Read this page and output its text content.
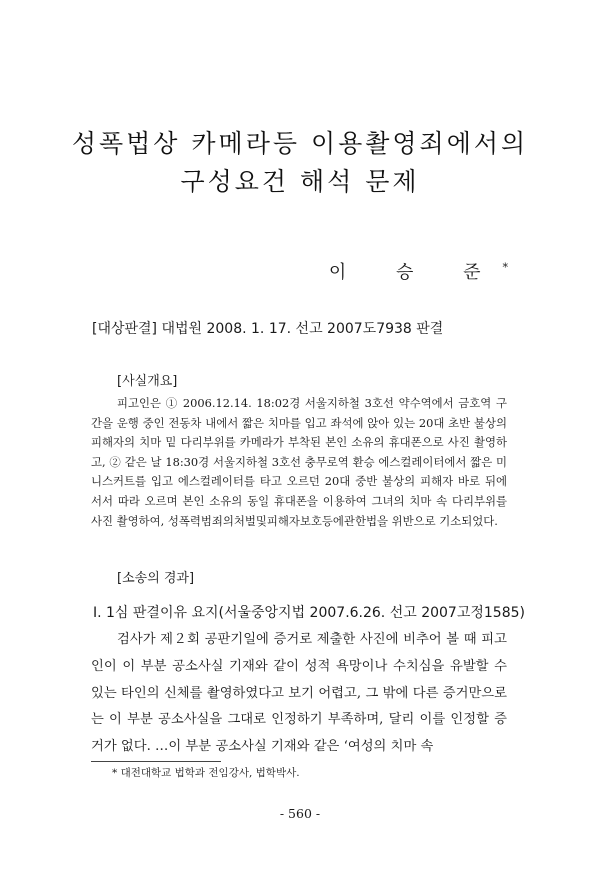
성폭법상 카메라등 이용촬영죄에서의
구성요건 해석 문제
이 승 준*
[대상판결] 대법원 2008. 1. 17. 선고 2007도7938 판결
[사실개요]
피고인은 ① 2006.12.14. 18:02경 서울지하철 3호선 약수역에서 금호역 구간을 운행 중인 전동차 내에서 짧은 치마를 입고 좌석에 앉아 있는 20대 초반 불상의 피해자의 치마 밑 다리부위를 카메라가 부착된 본인 소유의 휴대폰으로 사진 촬영하고, ② 같은 날 18:30경 서울지하철 3호선 충무로역 환승 에스컬레이터에서 짧은 미니스커트를 입고 에스컬레이터를 타고 오르던 20대 중반 불상의 피해자 바로 뒤에 서서 따라 오르며 본인 소유의 동일 휴대폰을 이용하여 그녀의 치마 속 다리부위를 사진 촬영하여, 성폭력범죄의처벌및피해자보호등에관한법을 위반으로 기소되었다.
[소송의 경과]
Ⅰ. 1심 판결이유 요지(서울중앙지법 2007.6.26. 선고 2007고정1585)
검사가 제２회 공판기일에 증거로 제출한 사진에 비추어 볼 때 피고인이 이 부분 공소사실 기재와 같이 성적 욕망이나 수치심을 유발할 수 있는 타인의 신체를 촬영하였다고 보기 어렵고, 그 밖에 다른 증거만으로는 이 부분 공소사실을 그대로 인정하기 부족하며, 달리 이를 인정할 증거가 없다. …이 부분 공소사실 기재와 같은 ‘여성의 치마 속
* 대전대학교 법학과 전임강사, 법학박사.
- 560 -
